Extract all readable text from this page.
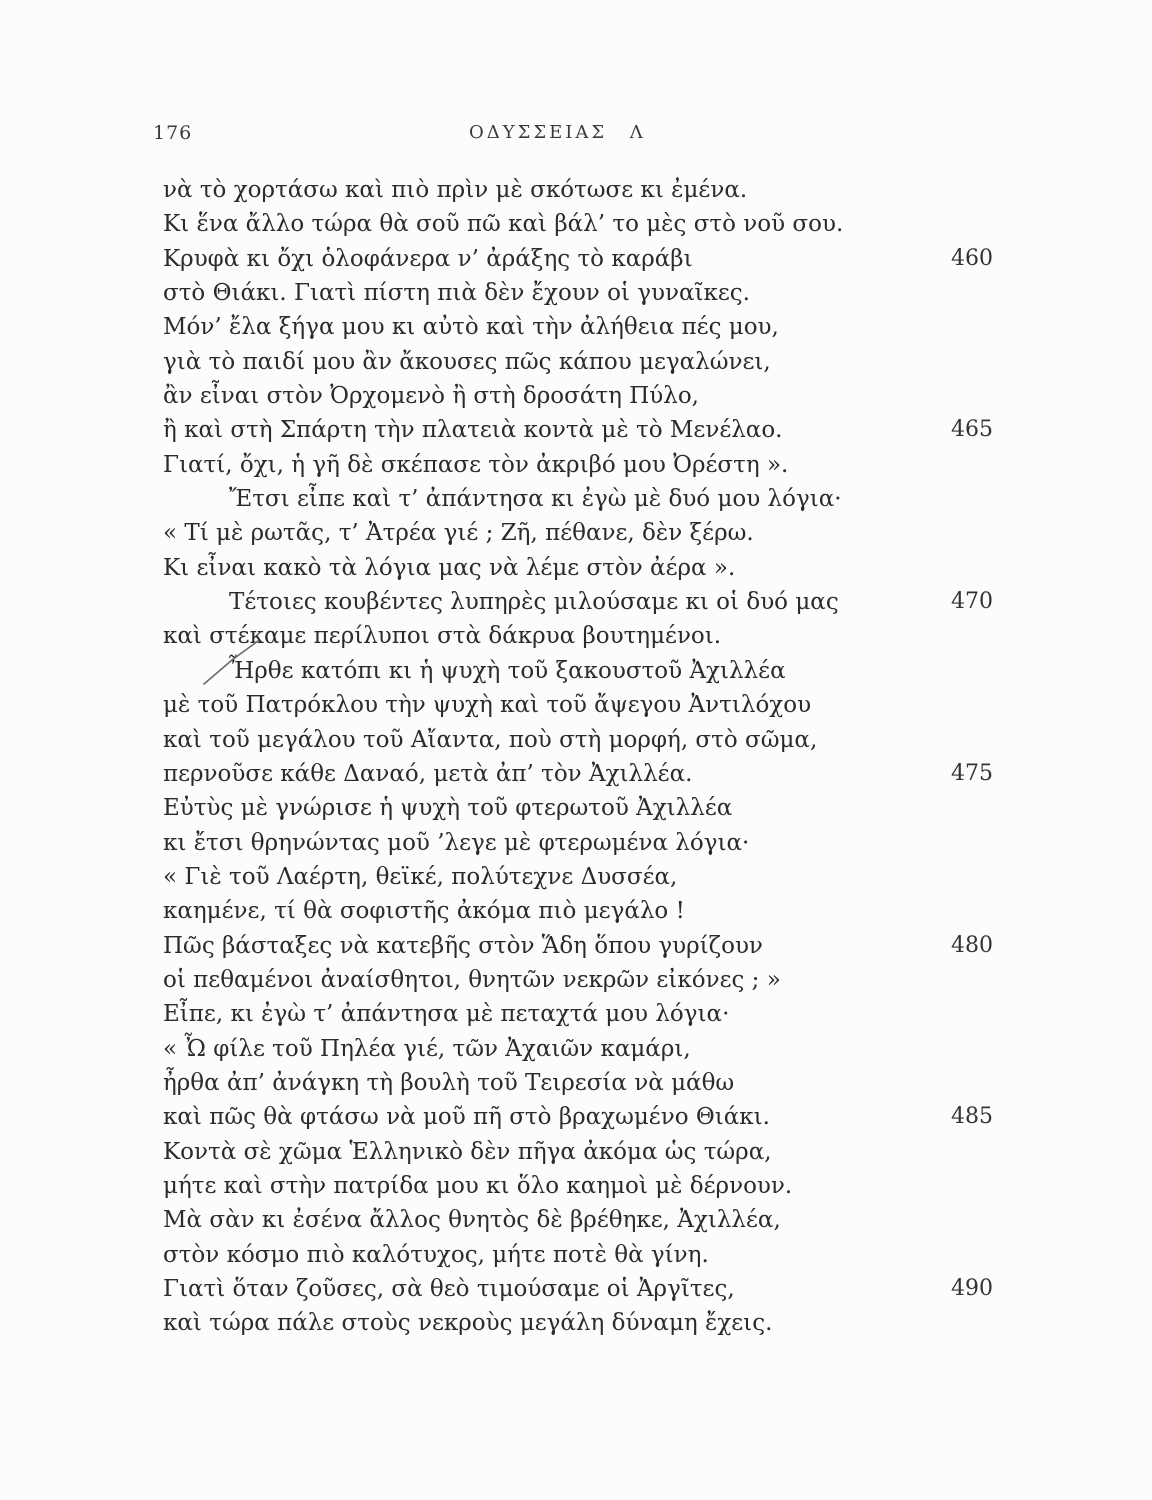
176	ΟΔΥΣΣΕΙΑΣ Λ
νὰ τὸ χορτάσω καὶ πιὸ πρὶν μὲ σκότωσε κι ἐμένα.
Κι ἕνα ἄλλο τώρα θὰ σοῦ πῶ καὶ βάλ’ το μὲς στὸ νοῦ σου.
Κρυφὰ κι ὄχι ὁλοφάνερα ν’ ἀράξης τὸ καράβι	460
στὸ Θιάκι. Γιατὶ πίστη πιὰ δὲν ἔχουν οἱ γυναῖκες.
Μόν’ ἔλα ξήγα μου κι αὐτὸ καὶ τὴν ἀλήθεια πές μου,
γιὰ τὸ παιδί μου ἂν ἄκουσες πῶς κάπου μεγαλώνει,
ἂν εἶναι στὸν Ὀρχομενὸ ἢ στὴ δροσάτη Πύλο,
ἢ καὶ στὴ Σπάρτη τὴν πλατειὰ κοντὰ μὲ τὸ Μενέλαο.	465
Γιατί, ὄχι, ἡ γῆ δὲ σκέπασε τὸν ἀκριβό μου Ὀρέστη ».
Ἔτσι εἶπε καὶ τ’ ἀπάντησα κι ἐγὼ μὲ δυό μου λόγια·
« Τί μὲ ρωτᾶς, τ’ Ἀτρέα γιέ ; Ζῆ, πέθανε, δὲν ξέρω.
Κι εἶναι κακὸ τὰ λόγια μας νὰ λέμε στὸν ἀέρα ».
Τέτοιες κουβέντες λυπηρὲς μιλούσαμε κι οἱ δυό μας	470
καὶ στέκαμε περίλυποι στὰ δάκρυα βουτημένοι.
Ἦρθε κατόπι κι ἡ ψυχὴ τοῦ ξακουστοῦ Ἀχιλλέα
μὲ τοῦ Πατρόκλου τὴν ψυχὴ καὶ τοῦ ἄψεγου Ἀντιλόχου
καὶ τοῦ μεγάλου τοῦ Αἴαντα, ποὺ στὴ μορφή, στὸ σῶμα,
περνοῦσε κάθε Δαναό, μετὰ ἀπ’ τὸν Ἀχιλλέα.	475
Εὐτὺς μὲ γνώρισε ἡ ψυχὴ τοῦ φτερωτοῦ Ἀχιλλέα
κι ἔτσι θρηνώντας μοῦ ’λεγε μὲ φτερωμένα λόγια·
« Γιὲ τοῦ Λαέρτη, θεϊκέ, πολύτεχνε Δυσσέα,
καημένε, τί θὰ σοφιστῆς ἀκόμα πιὸ μεγάλο !
Πῶς βάσταξες νὰ κατεβῆς στὸν Ἅδη ὅπου γυρίζουν	480
οἱ πεθαμένοι ἀναίσθητοι, θνητῶν νεκρῶν εἰκόνες ; »
Εἶπε, κι ἐγὼ τ’ ἀπάντησα μὲ πεταχτά μου λόγια·
« Ὦ φίλε τοῦ Πηλέα γιέ, τῶν Ἀχαιῶν καμάρι,
ἦρθα ἀπ’ ἀνάγκη τὴ βουλὴ τοῦ Τειρεσία νὰ μάθω
καὶ πῶς θὰ φτάσω νὰ μοῦ πῆ στὸ βραχωμένο Θιάκι.	485
Κοντὰ σὲ χῶμα Ἑλληνικὸ δὲν πῆγα ἀκόμα ὡς τώρα,
μήτε καὶ στὴν πατρίδα μου κι ὅλο καημοὶ μὲ δέρνουν.
Μὰ σὰν κι ἐσένα ἄλλος θνητὸς δὲ βρέθηκε, Ἀχιλλέα,
στὸν κόσμο πιὸ καλότυχος, μήτε ποτὲ θὰ γίνη.
Γιατὶ ὅταν ζοῦσες, σὰ θεὸ τιμούσαμε οἱ Ἀργῖτες,	490
καὶ τώρα πάλε στοὺς νεκροὺς μεγάλη δύναμη ἔχεις.
